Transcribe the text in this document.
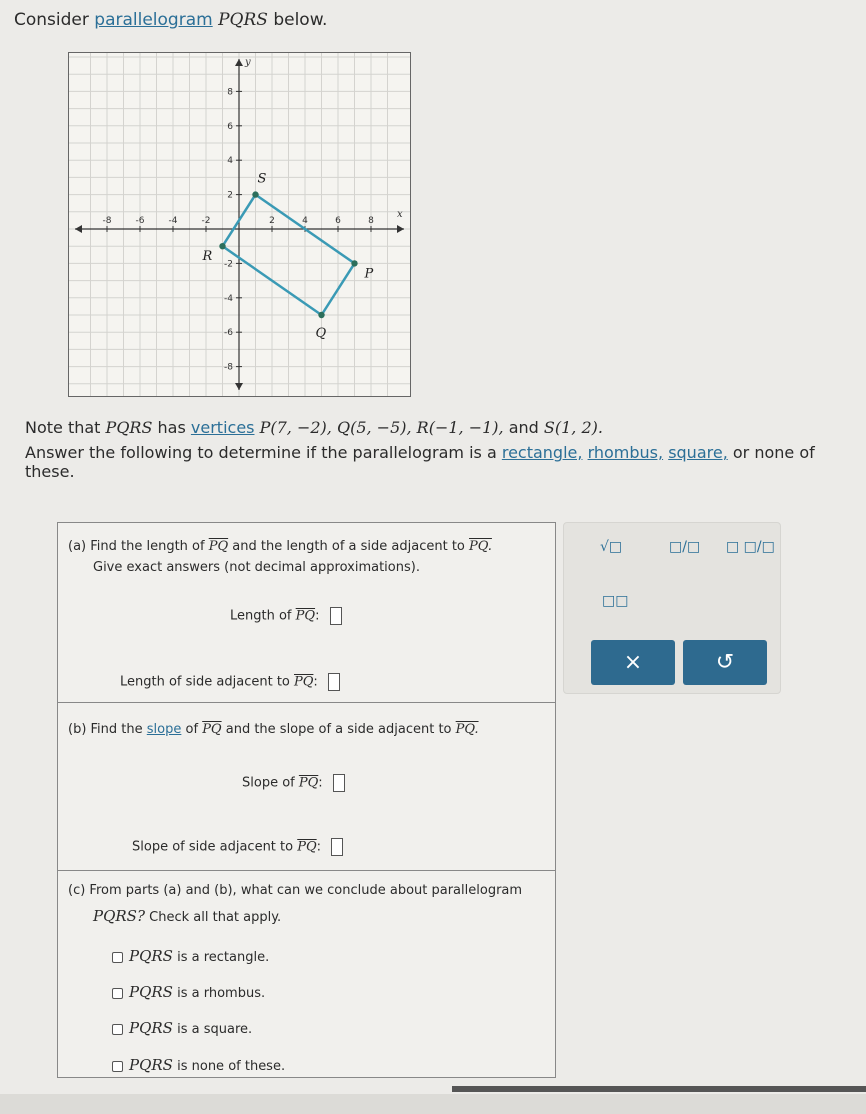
Consider parallelogram PQRS below.
x
y
-8	-6	-4	-2	2	4	6	8
8
6
4
2
-2
-4
-6
-8
P
Q
R
S
Note that PQRS has vertices P(7, −2), Q(5, −5), R(−1, −1), and S(1, 2).
Answer the following to determine if the parallelogram is a rectangle, rhombus, square, or none of these.
(a) Find the length of $\overline{PQ}$ and the length of a side adjacent to PQ.
Give exact answers (not decimal approximations).
Length of $\overline{PQ}$:
Length of side adjacent to $\overline{PQ}$:
(b) Find the slope of $\overline{PQ}$ and the slope of a side adjacent to PQ.
Slope of $\overline{PQ}$:
Slope of side adjacent to $\overline{PQ}$:
(c) From parts (a) and (b), what can we conclude about parallelogram
PQRS? Check all that apply.
PQRS is a rectangle.
PQRS is a rhombus.
PQRS is a square.
PQRS is none of these.
√□	□/□ □ □/□
□□
×	↺
